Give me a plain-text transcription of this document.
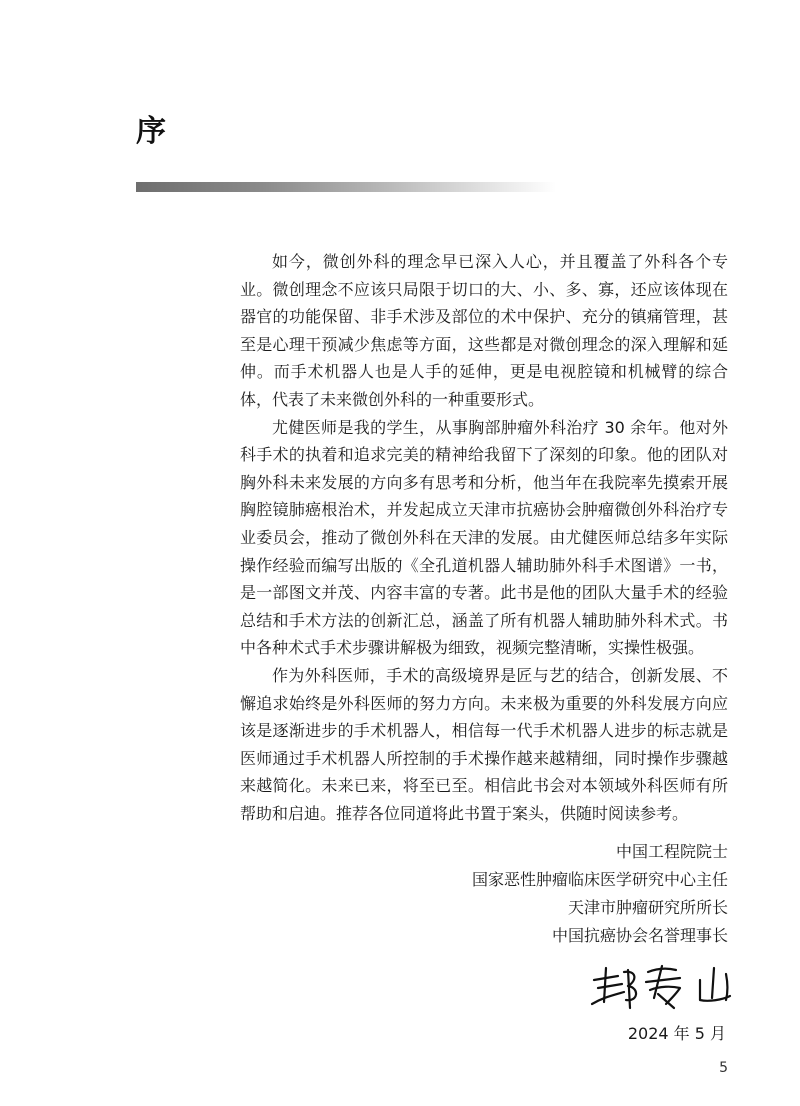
序

如今，微创外科的理念早已深入人心，并且覆盖了外科各个专业。微创理念不应该只局限于切口的大、小、多、寡，还应该体现在器官的功能保留、非手术涉及部位的术中保护、充分的镇痛管理，甚至是心理干预减少焦虑等方面，这些都是对微创理念的深入理解和延伸。而手术机器人也是人手的延伸，更是电视腔镜和机械臂的综合体，代表了未来微创外科的一种重要形式。

尤健医师是我的学生，从事胸部肿瘤外科治疗 30 余年。他对外科手术的执着和追求完美的精神给我留下了深刻的印象。他的团队对胸外科未来发展的方向多有思考和分析，他当年在我院率先摸索开展胸腔镜肺癌根治术，并发起成立天津市抗癌协会肿瘤微创外科治疗专业委员会，推动了微创外科在天津的发展。由尤健医师总结多年实际操作经验而编写出版的《全孔道机器人辅助肺外科手术图谱》一书，是一部图文并茂、内容丰富的专著。此书是他的团队大量手术的经验总结和手术方法的创新汇总，涵盖了所有机器人辅助肺外科术式。书中各种术式手术步骤讲解极为细致，视频完整清晰，实操性极强。

作为外科医师，手术的高级境界是匠与艺的结合，创新发展、不懈追求始终是外科医师的努力方向。未来极为重要的外科发展方向应该是逐渐进步的手术机器人，相信每一代手术机器人进步的标志就是医师通过手术机器人所控制的手术操作越来越精细，同时操作步骤越来越简化。未来已来，将至已至。相信此书会对本领域外科医师有所帮助和启迪。推荐各位同道将此书置于案头，供随时阅读参考。

中国工程院院士
国家恶性肿瘤临床医学研究中心主任
天津市肿瘤研究所所长
中国抗癌协会名誉理事长
2024 年 5 月
5
